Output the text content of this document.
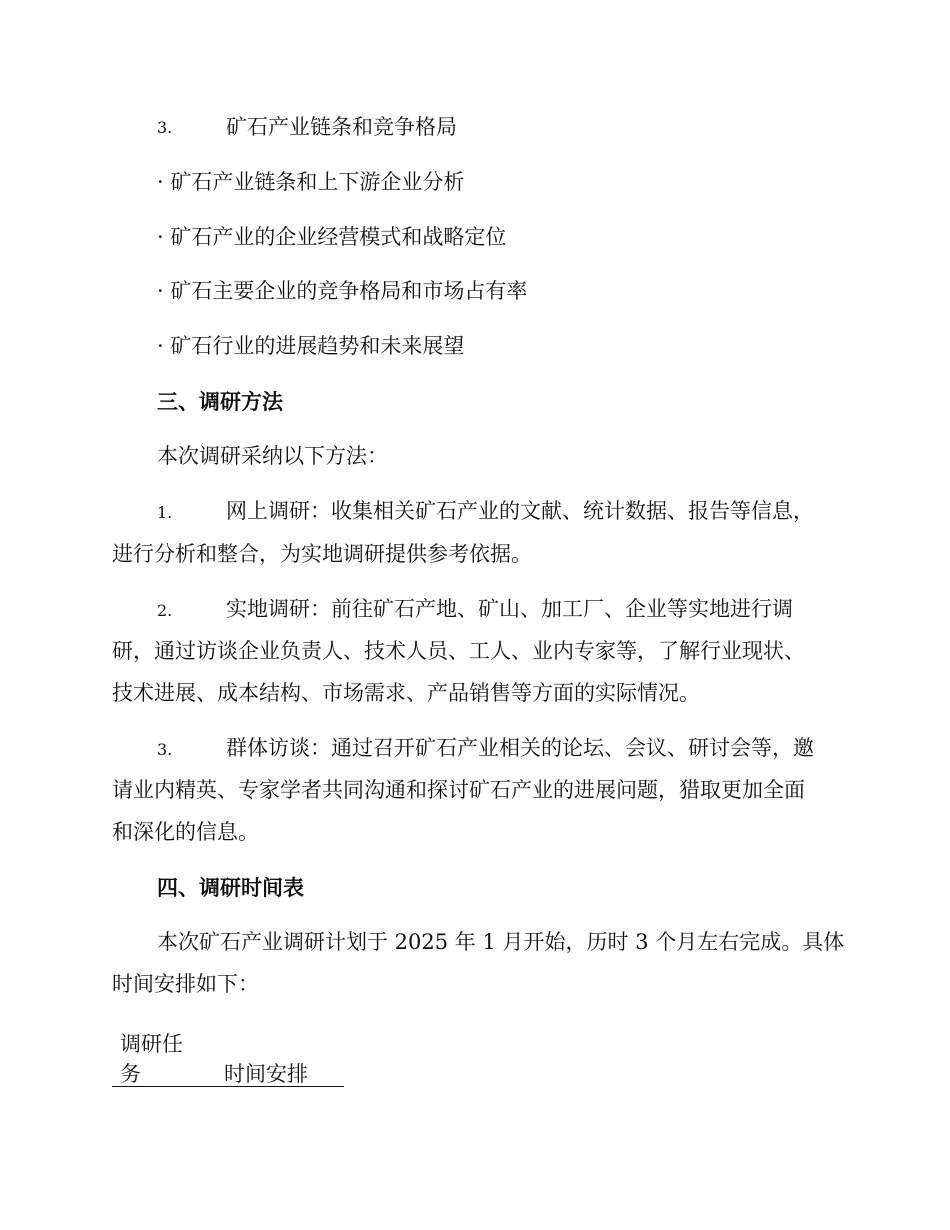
3.	矿石产业链条和竞争格局
· 矿石产业链条和上下游企业分析
· 矿石产业的企业经营模式和战略定位
· 矿石主要企业的竞争格局和市场占有率
· 矿石行业的进展趋势和未来展望
三、调研方法
本次调研采纳以下方法：
1.	网上调研：收集相关矿石产业的文献、统计数据、报告等信息，
进行分析和整合，为实地调研提供参考依据。
2.	实地调研：前往矿石产地、矿山、加工厂、企业等实地进行调
研，通过访谈企业负责人、技术人员、工人、业内专家等，了解行业现状、
技术进展、成本结构、市场需求、产品销售等方面的实际情况。
3.	群体访谈：通过召开矿石产业相关的论坛、会议、研讨会等，邀
请业内精英、专家学者共同沟通和探讨矿石产业的进展问题，猎取更加全面
和深化的信息。
四、调研时间表
本次矿石产业调研计划于 2025 年 1 月开始，历时 3 个月左右完成。具体
时间安排如下：
调研任务	时间安排
